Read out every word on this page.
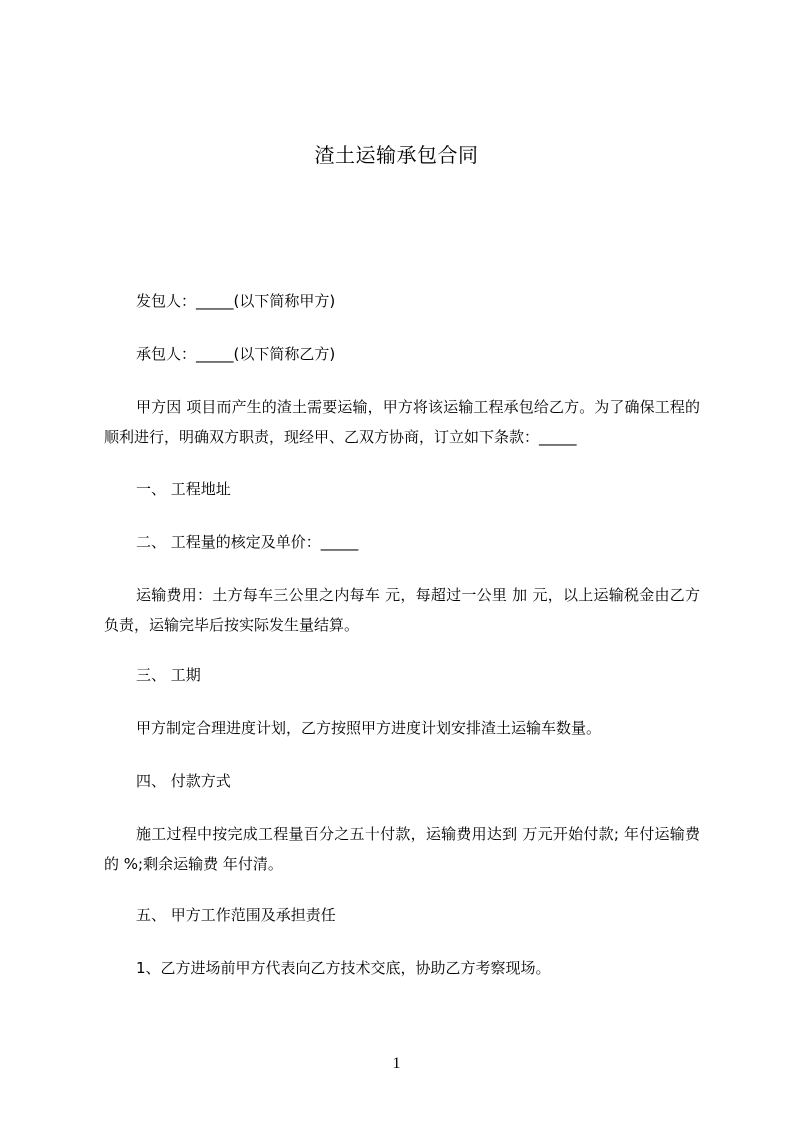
渣土运输承包合同
发包人：_____(以下简称甲方)
承包人：_____(以下简称乙方)
甲方因 项目而产生的渣土需要运输，甲方将该运输工程承包给乙方。为了确保工程的顺利进行，明确双方职责，现经甲、乙双方协商，订立如下条款：_____
一、 工程地址
二、 工程量的核定及单价：_____
运输费用：土方每车三公里之内每车 元，每超过一公里 加 元，以上运输税金由乙方负责，运输完毕后按实际发生量结算。
三、 工期
甲方制定合理进度计划，乙方按照甲方进度计划安排渣土运输车数量。
四、 付款方式
施工过程中按完成工程量百分之五十付款，运输费用达到 万元开始付款; 年付运输费的 %;剩余运输费 年付清。
五、 甲方工作范围及承担责任
1、乙方进场前甲方代表向乙方技术交底，协助乙方考察现场。
1
